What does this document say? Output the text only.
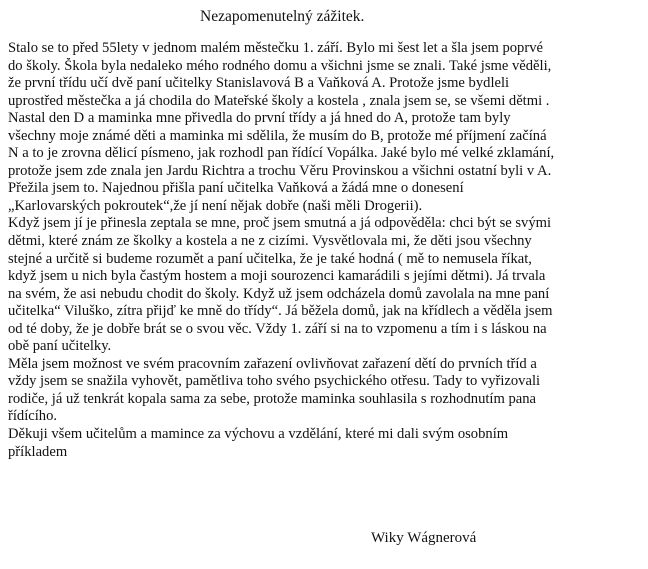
Nezapomenutelný zážitek.
Stalo se to před 55lety v jednom malém městečku 1. září. Bylo mi šest let a šla jsem poprvé
do školy. Škola byla nedaleko mého rodného domu a všichni jsme se znali. Také jsme věděli,
že první třídu učí dvě paní učitelky Stanislavová B a Vaňková A. Protože jsme bydleli
uprostřed městečka a já chodila do Mateřské školy a kostela , znala jsem se, se všemi dětmi .
Nastal den D a maminka mne přivedla do první třídy a já hned do A, protože tam byly
všechny moje známé děti a maminka mi sdělila, že musím do B, protože mé příjmení začíná
N a to je zrovna dělicí písmeno, jak rozhodl pan řídící Vopálka. Jaké bylo mé velké zklamání,
protože jsem zde znala jen Jardu Richtra a trochu Věru Provinskou a všichni ostatní byli v A.
Přežila jsem to. Najednou přišla paní učitelka Vaňková a žádá mne o donesení
„Karlovarských pokroutek“,že jí není nějak dobře (naši měli Drogerii).
Když jsem jí je přinesla zeptala se mne, proč jsem smutná a já odpověděla: chci být se svými
dětmi, které znám ze školky a kostela a ne z cizími. Vysvětlovala mi, že děti jsou všechny
stejné a určitě si budeme rozumět a paní učitelka, že je také hodná ( mě to nemusela říkat,
když jsem u nich byla častým hostem a moji sourozenci kamarádili s jejími dětmi). Já trvala
na svém, že asi nebudu chodit do školy. Když už jsem odcházela domů zavolala na mne paní
učitelka“ Viluško, zítra přijď ke mně do třídy“. Já běžela domů, jak na křídlech a věděla jsem
od té doby, že je dobře brát se o svou věc. Vždy 1. září si na to vzpomenu a tím i s láskou na
obě paní učitelky.
Měla jsem možnost ve svém pracovním zařazení ovlivňovat zařazení dětí do prvních tříd a
vždy jsem se snažila vyhovět, pamětliva toho svého psychického otřesu. Tady to vyřizovali
rodiče, já už tenkrát kopala sama za sebe, protože maminka souhlasila s rozhodnutím pana
řídícího.
Děkuji všem učitelům a mamince za výchovu a vzdělání, které mi dali svým osobním
příkladem
Wiky Wágnerová
